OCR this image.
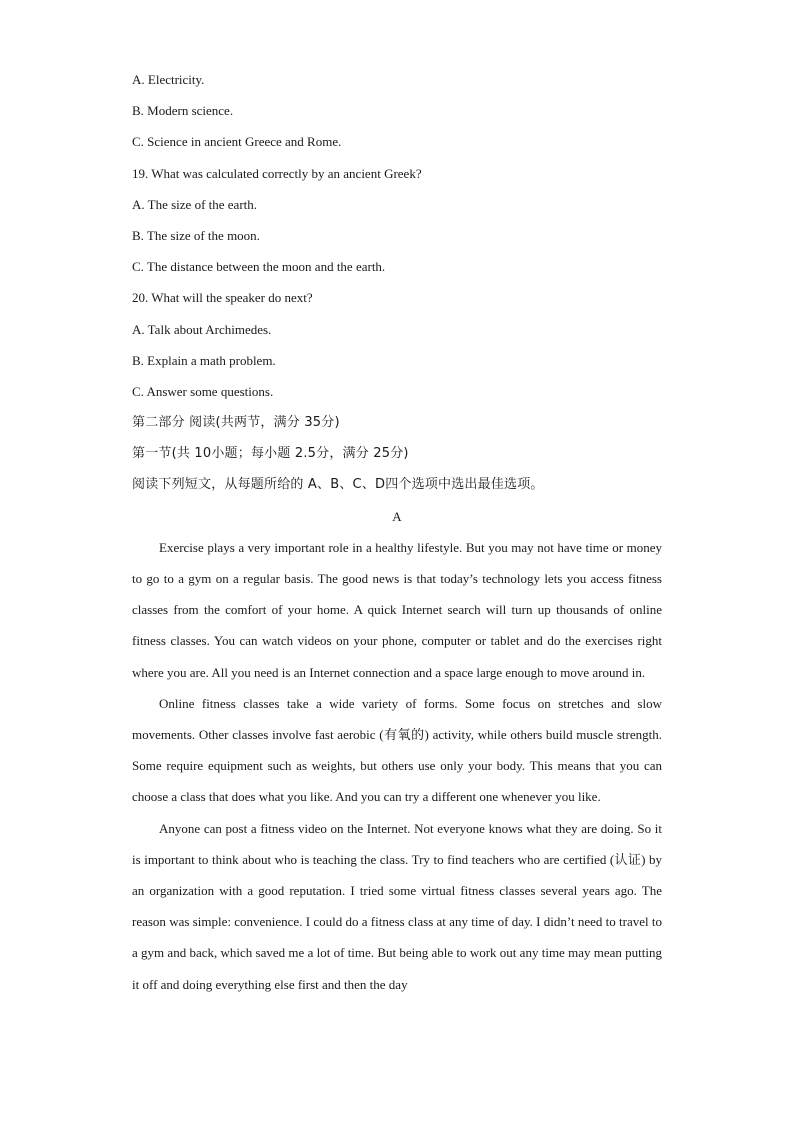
A. Electricity.
B. Modern science.
C. Science in ancient Greece and Rome.
19. What was calculated correctly by an ancient Greek?
A. The size of the earth.
B. The size of the moon.
C. The distance between the moon and the earth.
20. What will the speaker do next?
A. Talk about Archimedes.
B. Explain a math problem.
C. Answer some questions.
第二部分 阅读(共两节，满分 35分)
第一节(共 10小题；每小题 2.5分，满分 25分)
阅读下列短文，从每题所给的 A、B、C、D四个选项中选出最佳选项。
A

Exercise plays a very important role in a healthy lifestyle. But you may not have time or money to go to a gym on a regular basis. The good news is that today’s technology lets you access fitness classes from the comfort of your home. A quick Internet search will turn up thousands of online fitness classes. You can watch videos on your phone, computer or tablet and do the exercises right where you are. All you need is an Internet connection and a space large enough to move around in.

Online fitness classes take a wide variety of forms. Some focus on stretches and slow movements. Other classes involve fast aerobic (有氧的) activity, while others build muscle strength. Some require equipment such as weights, but others use only your body. This means that you can choose a class that does what you like. And you can try a different one whenever you like.

Anyone can post a fitness video on the Internet. Not everyone knows what they are doing. So it is important to think about who is teaching the class. Try to find teachers who are certified (认证) by an organization with a good reputation. I tried some virtual fitness classes several years ago. The reason was simple: convenience. I could do a fitness class at any time of day. I didn’t need to travel to a gym and back, which saved me a lot of time. But being able to work out any time may mean putting it off and doing everything else first and then the day
